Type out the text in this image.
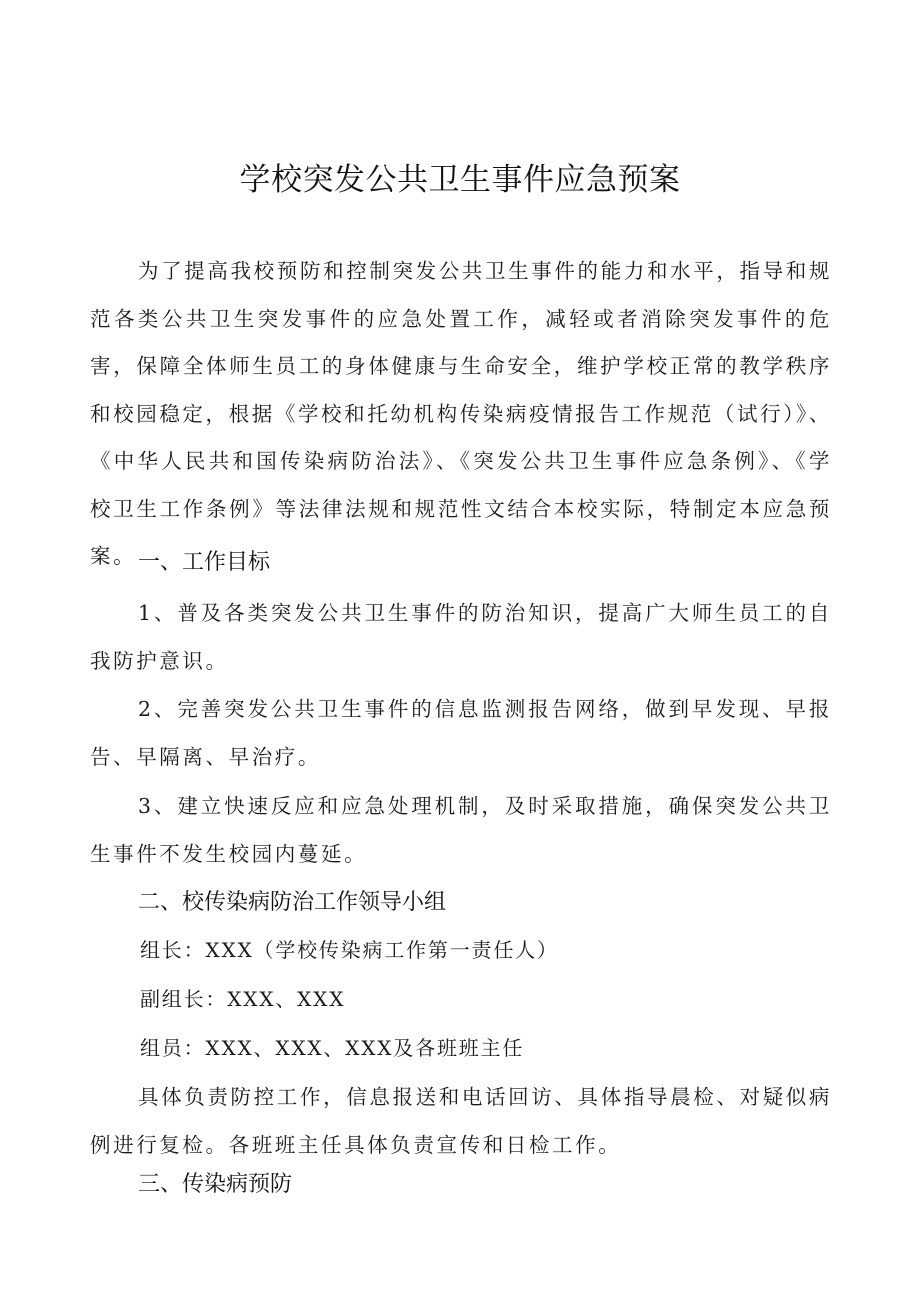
学校突发公共卫生事件应急预案

为了提高我校预防和控制突发公共卫生事件的能力和水平，指导和规范各类公共卫生突发事件的应急处置工作，减轻或者消除突发事件的危害，保障全体师生员工的身体健康与生命安全，维护学校正常的教学秩序和校园稳定，根据《学校和托幼机构传染病疫情报告工作规范（试行）》、《中华人民共和国传染病防治法》、《突发公共卫生事件应急条例》、《学校卫生工作条例》等法律法规和规范性文结合本校实际，特制定本应急预案。 一、工作目标

1、普及各类突发公共卫生事件的防治知识，提高广大师生员工的自我防护意识。

2、完善突发公共卫生事件的信息监测报告网络，做到早发现、早报告、早隔离、早治疗。

3、建立快速反应和应急处理机制，及时采取措施，确保突发公共卫生事件不发生校园内蔓延。

二、校传染病防治工作领导小组
组长：XXX（学校传染病工作第一责任人）
副组长：XXX、XXX
组员：XXX、XXX、XXX及各班班主任

具体负责防控工作，信息报送和电话回访、具体指导晨检、对疑似病例进行复检。各班班主任具体负责宣传和日检工作。

三、传染病预防
